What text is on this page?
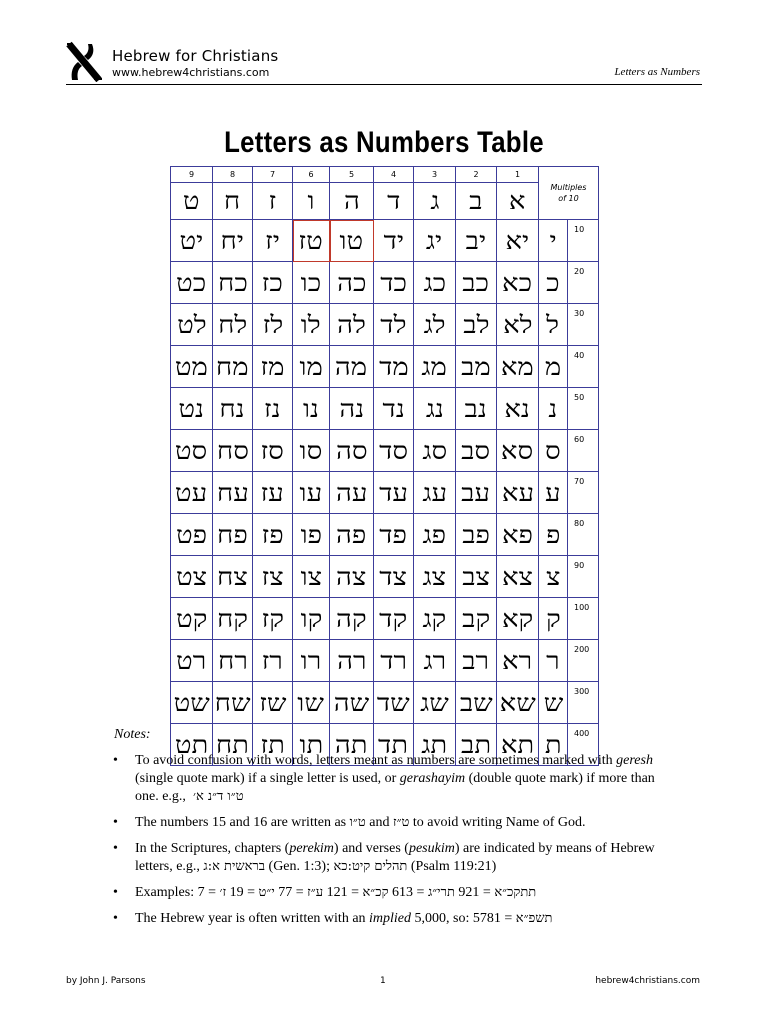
Hebrew for Christians
www.hebrew4christians.com	Letters as Numbers
Letters as Numbers Table
9	8	7	6	5	4	3	2	1	Multiples
of 10	
ט	ח	ז	ו	ה	ד	ג	ב	א		
יט	יח	יז	טז	טו	יד	יג	יב	יא	י	10
כט	כח	כז	כו	כה	כד	כג	כב	כא	כ	20
לט	לח	לז	לו	לה	לד	לג	לב	לא	ל	30
מט	מח	מז	מו	מה	מד	מג	מב	מא	מ	40
נט	נח	נז	נו	נה	נד	נג	נב	נא	נ	50
סט	סח	סז	סו	סה	סד	סג	סב	סא	ס	60
עט	עח	עז	עו	עה	עד	עג	עב	עא	ע	70
פט	פח	פז	פו	פה	פד	פג	פב	פא	פ	80
צט	צח	צז	צו	צה	צד	צג	צב	צא	צ	90
קט	קח	קז	קו	קה	קד	קג	קב	קא	ק	100
רט	רח	רז	רו	רה	רד	רג	רב	רא	ר	200
שט	שח	שז	שו	שה	שד	שג	שב	שא	ש	300
תט	תח	תז	תו	תה	תד	תג	תב	תא	ת	400
Notes:
• To avoid confusion with words, letters meant as numbers are sometimes marked with geresh (single quote mark) if a single letter is used, or gerashayim (double quote mark) if more than one. e.g.,  ט״ו ד״נ א׳
• The numbers 15 and 16 are written as ט״ו and ט״ז to avoid writing Name of God.
• In the Scriptures, chapters (perekim) and verses (pesukim) are indicated by means of Hebrew letters, e.g., בראשית א:ג (Gen. 1:3); תהלים קיט:כא (Psalm 119:21)
• Examples: 7 = ז׳ 19 = י״ט 77 = ע״ז 121 = קכ״א 613 = תרי״ג 921 = תתקכ״א
• The Hebrew year is often written with an implied 5,000, so: 5781 = תשפ״א
by John J. Parsons	1	hebrew4christians.com
